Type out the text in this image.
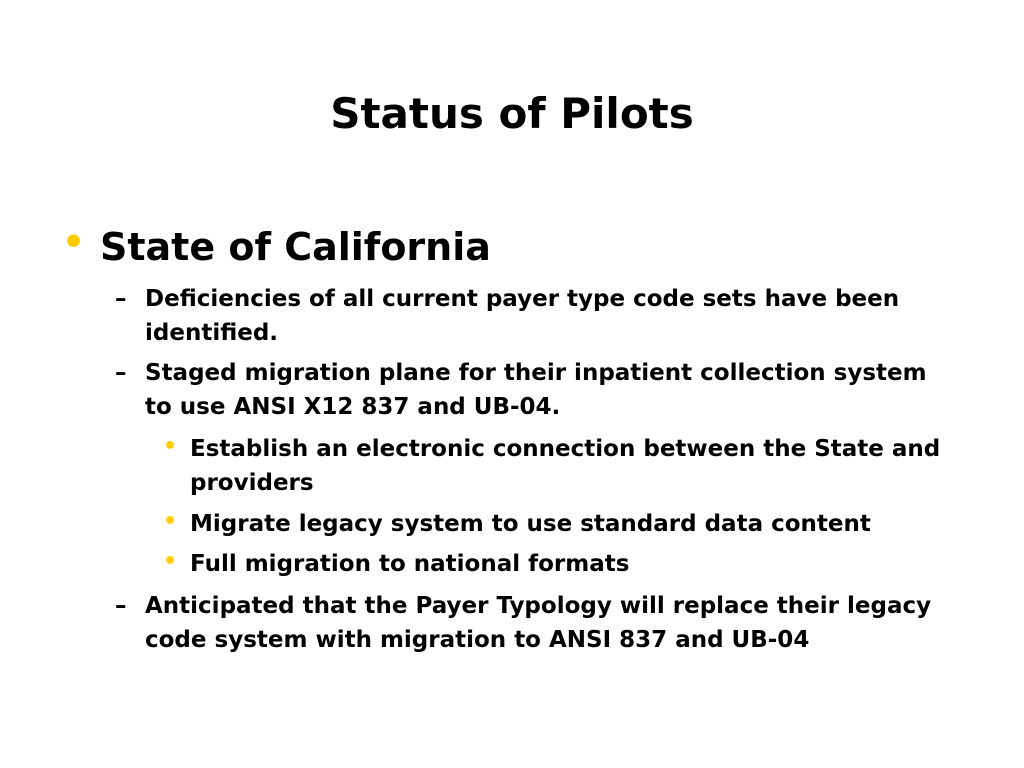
Status of Pilots
• State of California
– Deficiencies of all current payer type code sets have been identified.
– Staged migration plane for their inpatient collection system to use ANSI X12 837 and UB-04.
• Establish an electronic connection between the State and providers
• Migrate legacy system to use standard data content
• Full migration to national formats
– Anticipated that the Payer Typology will replace their legacy code system with migration to ANSI 837 and UB-04
